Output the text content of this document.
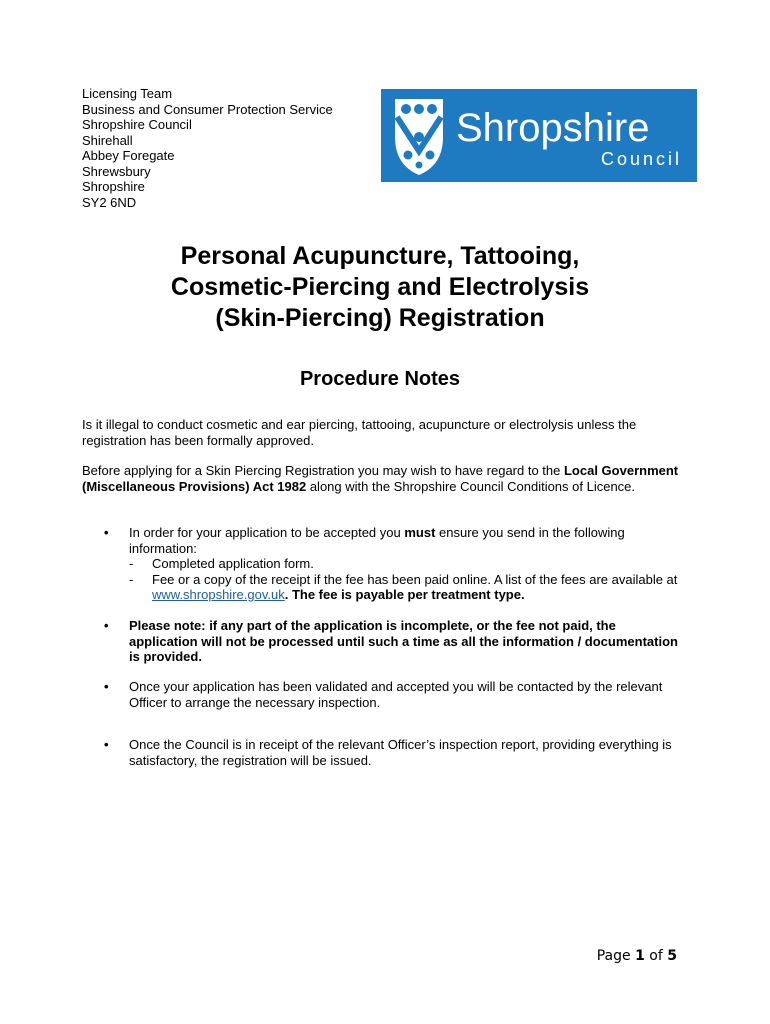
Licensing Team
Business and Consumer Protection Service
Shropshire Council
Shirehall
Abbey Foregate
Shrewsbury
Shropshire
SY2 6ND
Shropshire
Council
Personal Acupuncture, Tattooing,
Cosmetic-Piercing and Electrolysis
(Skin-Piercing) Registration
Procedure Notes
Is it illegal to conduct cosmetic and ear piercing, tattooing, acupuncture or electrolysis unless the registration has been formally approved.
Before applying for a Skin Piercing Registration you may wish to have regard to the Local Government (Miscellaneous Provisions) Act 1982 along with the Shropshire Council Conditions of Licence.
• In order for your application to be accepted you must ensure you send in the following information:
- Completed application form.
- Fee or a copy of the receipt if the fee has been paid online. A list of the fees are available at www.shropshire.gov.uk. The fee is payable per treatment type.
• Please note: if any part of the application is incomplete, or the fee not paid, the application will not be processed until such a time as all the information / documentation is provided.
• Once your application has been validated and accepted you will be contacted by the relevant Officer to arrange the necessary inspection.
• Once the Council is in receipt of the relevant Officer’s inspection report, providing everything is satisfactory, the registration will be issued.
Page 1 of 5
